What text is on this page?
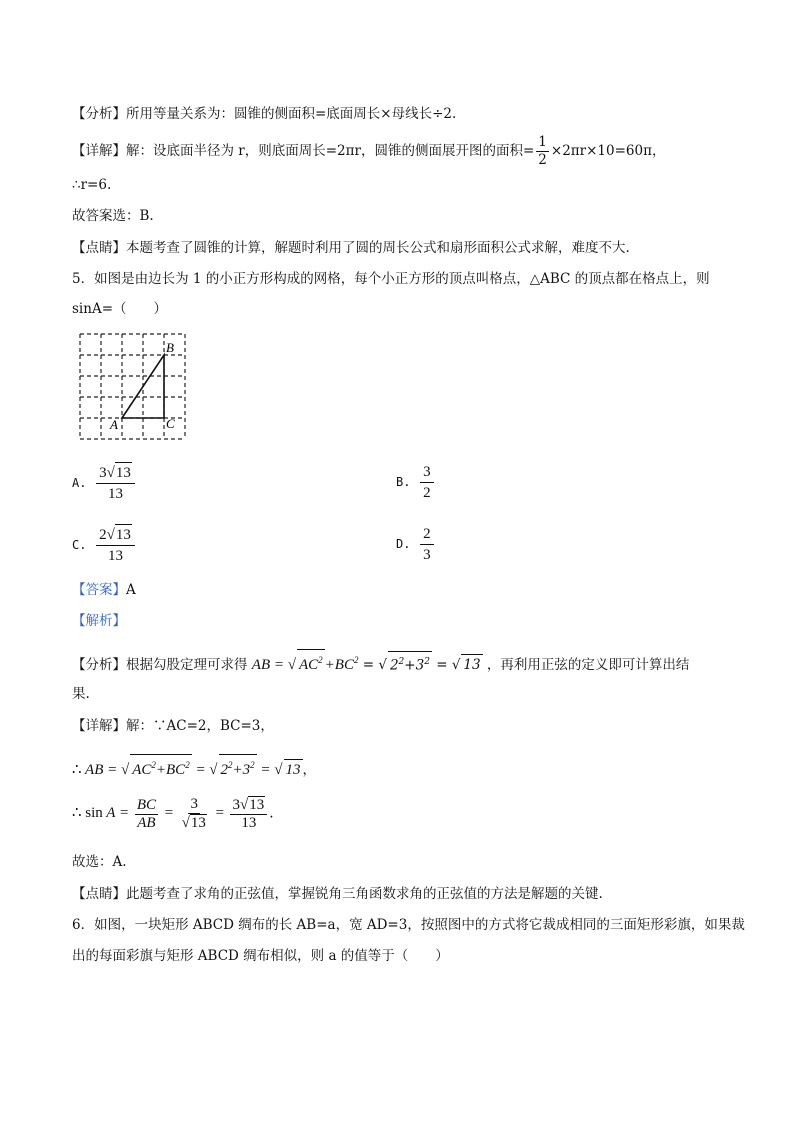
【分析】所用等量关系为：圆锥的侧面积=底面周长×母线长÷2.
【详解】解：设底面半径为 r，则底面周长=2πr，圆锥的侧面展开图的面积= $\frac{1}{2} \times 2\pi r\times 10=60\pi$，
∴r=6.
故答案选：B.
【点睛】本题考查了圆锥的计算，解题时利用了圆的周长公式和扇形面积公式求解，难度不大.
5．如图是由边长为 1 的小正方形构成的网格，每个小正方形的顶点叫格点，△ABC 的顶点都在格点上，则
sinA=（　　）
A
B
C
A. $\frac{3√13}{13}$	B. $\frac{3}{2}$
C. $\frac{2√13}{13}$	D. $\frac{2}{3}$
【答案】A
【解析】
【分析】根据勾股定理可求得 AB = √ $AC^2 +BC^2$ = √ $2^2+3^2$ = √ 13 ，再利用正弦的定义即可计算出结
果.
【详解】解：∵AC=2，BC=3，
∴ AB = √ $AC^2+BC^2$ = √ $2^2+3^2$ = √ 13 ，
∴ $\sin A = \frac{BC}{AB} = \frac{3}{√13} = \frac{3√13}{13}$ .
故选：A.
【点睛】此题考查了求角的正弦值，掌握锐角三角函数求角的正弦值的方法是解题的关键.
6．如图，一块矩形 ABCD 绸布的长 AB=a，宽 AD=3，按照图中的方式将它裁成相同的三面矩形彩旗，如果裁
出的每面彩旗与矩形 ABCD 绸布相似，则 a 的值等于（　　）
